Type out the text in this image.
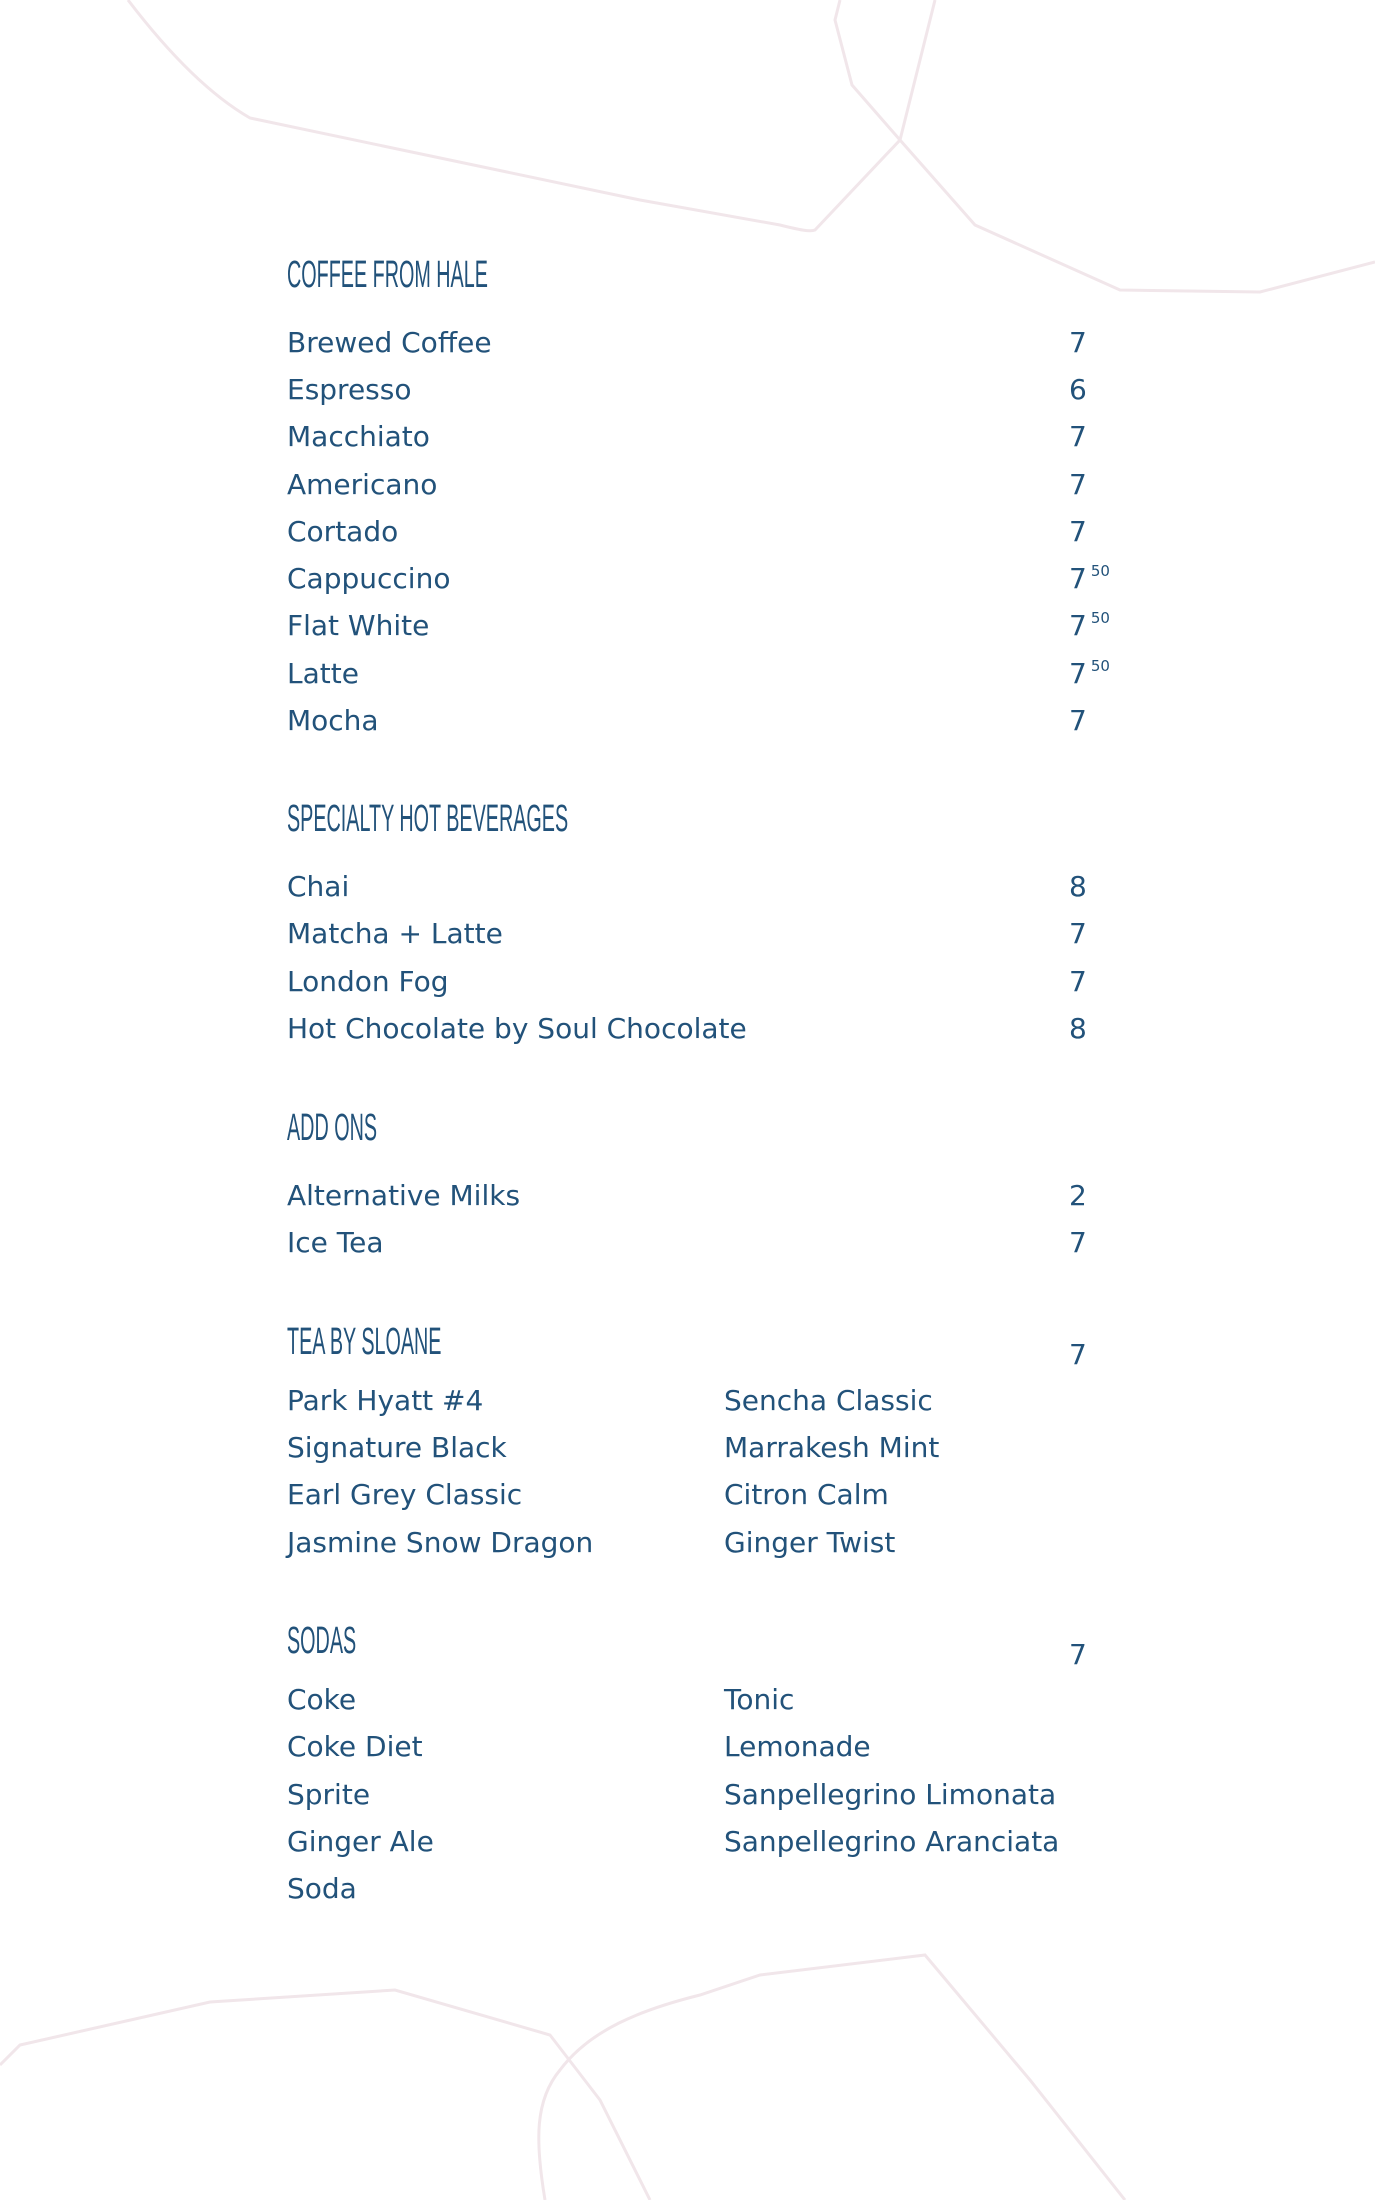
COFFEE FROM HALE
Brewed Coffee	7
Espresso	6
Macchiato	7
Americano	7
Cortado	7
Cappuccino	7 $^{50}$
Flat White	7 $^{50}$
Latte	7 $^{50}$
Mocha	7
SPECIALTY HOT BEVERAGES
Chai	8
Matcha + Latte	7
London Fog	7
Hot Chocolate by Soul Chocolate	8
ADD ONS
Alternative Milks	2
Ice Tea	7
TEA BY SLOANE	7
Park Hyatt #4
Signature Black
Earl Grey Classic
Jasmine Snow Dragon
Sencha Classic
Marrakesh Mint
Citron Calm
Ginger Twist
SODAS	7
Coke
Coke Diet
Sprite
Ginger Ale
Soda
Tonic
Lemonade
Sanpellegrino Limonata
Sanpellegrino Aranciata
